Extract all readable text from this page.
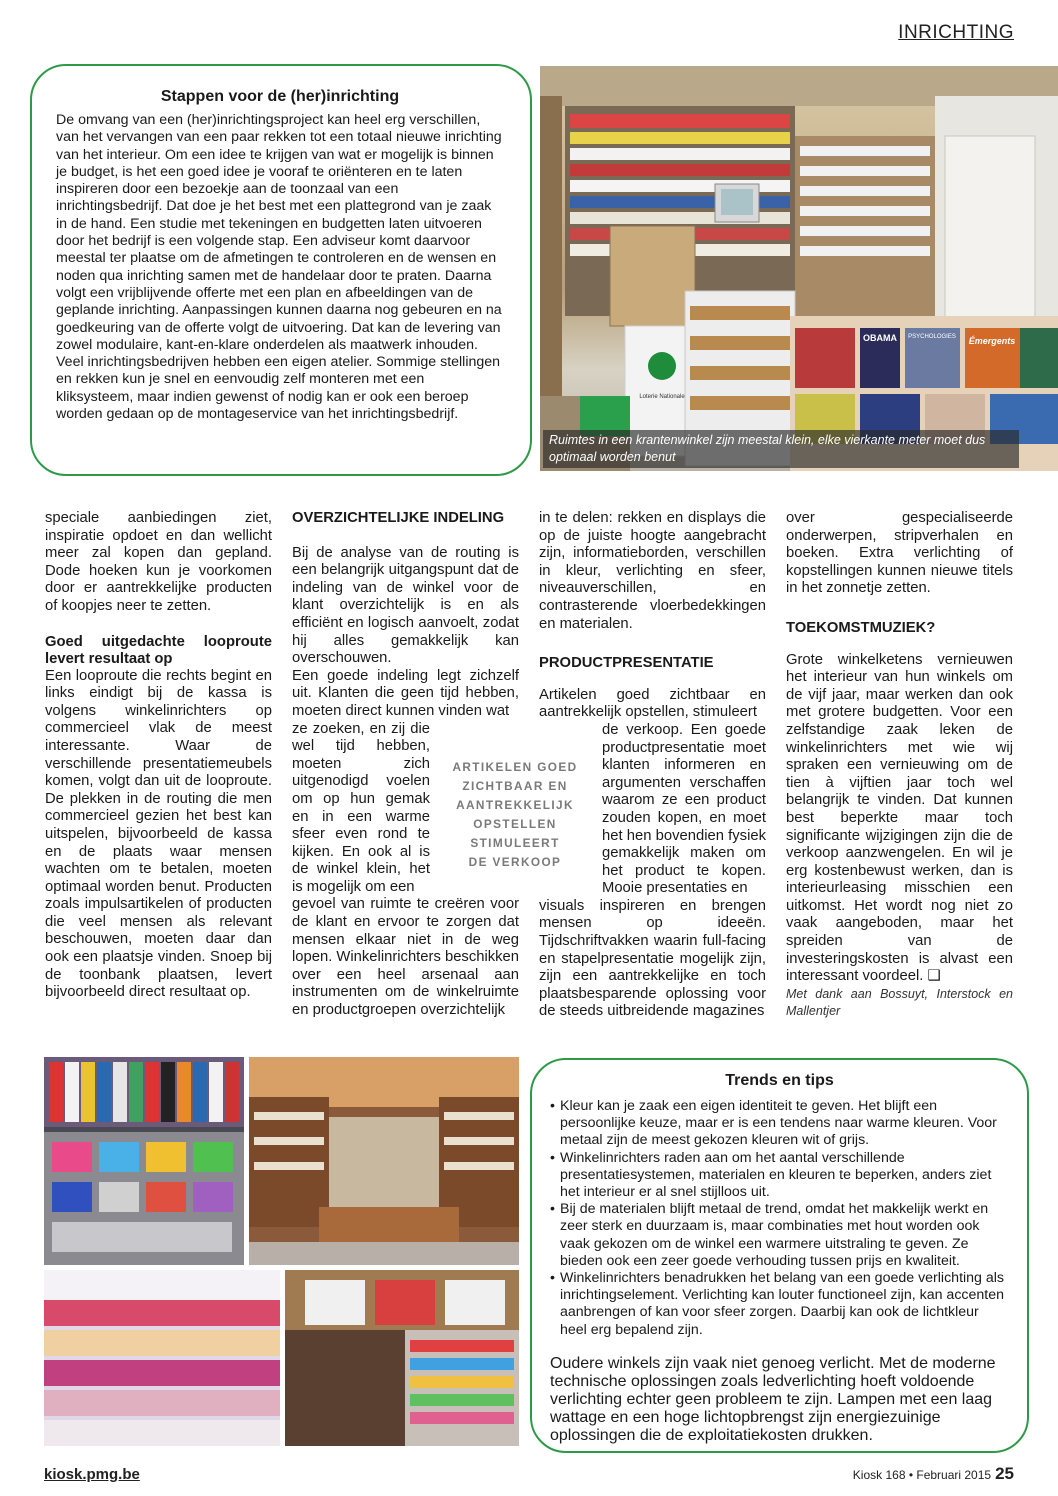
INRICHTING
Stappen voor de (her)inrichting

De omvang van een (her)inrichtingsproject kan heel erg verschillen, van het vervangen van een paar rekken tot een totaal nieuwe inrichting van het interieur. Om een idee te krijgen van wat er mogelijk is binnen je budget, is het een goed idee je vooraf te oriënteren en te laten inspireren door een bezoekje aan de toonzaal van een inrichtingsbedrijf. Dat doe je het best met een plattegrond van je zaak in de hand. Een studie met tekeningen en budgetten laten uitvoeren door het bedrijf is een volgende stap. Een adviseur komt daarvoor meestal ter plaatse om de afmetingen te controleren en de wensen en noden qua inrichting samen met de handelaar door te praten. Daarna volgt een vrijblijvende offerte met een plan en afbeeldingen van de geplande inrichting. Aanpassingen kunnen daarna nog gebeuren en na goedkeuring van de offerte volgt de uitvoering. Dat kan de levering van zowel modulaire, kant-en-klare onderdelen als maatwerk inhouden. Veel inrichtingsbedrijven hebben een eigen atelier. Sommige stellingen en rekken kun je snel en eenvoudig zelf monteren met een kliksysteem, maar indien gewenst of nodig kan er ook een beroep worden gedaan op de montageservice van het inrichtingsbedrijf.

Loterie Nationale
OBAMA PSYCHOLOGIES Émergents
Ruimtes in een krantenwinkel zijn meestal klein, elke vierkante meter moet dus optimaal worden benut

speciale aanbiedingen ziet, inspiratie opdoet en dan wellicht meer zal kopen dan gepland. Dode hoeken kun je voorkomen door er aantrekkelijke producten of koopjes neer te zetten.

Goed uitgedachte looproute levert resultaat op

Een looproute die rechts begint en links eindigt bij de kassa is volgens winkelinrichters op commercieel vlak de meest interessante. Waar de verschillende presentatiemeubels komen, volgt dan uit de looproute. De plekken in de routing die men commercieel gezien het best kan uitspelen, bijvoorbeeld de kassa en de plaats waar mensen wachten om te betalen, moeten optimaal worden benut. Producten zoals impulsartikelen of producten die veel mensen als relevant beschouwen, moeten daar dan ook een plaatsje vinden. Snoep bij de toonbank plaatsen, levert bijvoorbeeld direct resultaat op.

OVERZICHTELIJKE INDELING

Bij de analyse van de routing is een belangrijk uitgangspunt dat de indeling van de winkel voor de klant overzichtelijk is en als efficiënt en logisch aanvoelt, zodat hij alles gemakkelijk kan overschouwen.

Een goede indeling legt zichzelf uit. Klanten die geen tijd hebben, moeten direct kunnen vinden wat

ze zoeken, en zij die wel tijd hebben, moeten zich uitgenodigd voelen om op hun gemak en in een warme sfeer even rond te kijken. En ook al is de winkel klein, het is mogelijk om een

gevoel van ruimte te creëren voor de klant en ervoor te zorgen dat mensen elkaar niet in de weg lopen. Winkelinrichters beschikken over een heel arsenaal aan instrumenten om de winkelruimte en productgroepen overzichtelijk

ARTIKELEN GOED
ZICHTBAAR EN
AANTREKKELIJK
OPSTELLEN
STIMULEERT
DE VERKOOP

in te delen: rekken en displays die op de juiste hoogte aangebracht zijn, informatieborden, verschillen in kleur, verlichting en sfeer, niveauverschillen, en contrasterende vloerbedekkingen en materialen.

PRODUCTPRESENTATIE

Artikelen goed zichtbaar en aantrekkelijk opstellen, stimuleert

de verkoop. Een goede productpresentatie moet klanten informeren en argumenten verschaffen waarom ze een product zouden kopen, en moet het hen bovendien fysiek gemakkelijk maken om het product te kopen. Mooie presentaties en

visuals inspireren en brengen mensen op ideeën. Tijdschriftvakken waarin full-facing en stapelpresentatie mogelijk zijn, zijn een aantrekkelijke en toch plaatsbesparende oplossing voor de steeds uitbreidende magazines

over gespecialiseerde onderwerpen, stripverhalen en boeken. Extra verlichting of kopstellingen kunnen nieuwe titels in het zonnetje zetten.

TOEKOMSTMUZIEK?

Grote winkelketens vernieuwen het interieur van hun winkels om de vijf jaar, maar werken dan ook met grotere budgetten. Voor een zelfstandige zaak leken de winkelinrichters met wie wij spraken een vernieuwing om de tien à vijftien jaar toch wel belangrijk te vinden. Dat kunnen best beperkte maar toch significante wijzigingen zijn die de verkoop aanzwengelen. En wil je erg kostenbewust werken, dan is interieurleasing misschien een uitkomst. Het wordt nog niet zo vaak aangeboden, maar het spreiden van de investeringskosten is alvast een interessant voordeel. ❑

Met dank aan Bossuyt, Interstock en Mallentjer

Trends en tips
• Kleur kan je zaak een eigen identiteit te geven. Het blijft een persoonlijke keuze, maar er is een tendens naar warme kleuren. Voor metaal zijn de meest gekozen kleuren wit of grijs.
• Winkelinrichters raden aan om het aantal verschillende presentatiesystemen, materialen en kleuren te beperken, anders ziet het interieur er al snel stijlloos uit.
• Bij de materialen blijft metaal de trend, omdat het makkelijk werkt en zeer sterk en duurzaam is, maar combinaties met hout worden ook vaak gekozen om de winkel een warmere uitstraling te geven. Ze bieden ook een zeer goede verhouding tussen prijs en kwaliteit.
• Winkelinrichters benadrukken het belang van een goede verlichting als inrichtingselement. Verlichting kan louter functioneel zijn, kan accenten aanbrengen of kan voor sfeer zorgen. Daarbij kan ook de lichtkleur heel erg bepalend zijn.

Oudere winkels zijn vaak niet genoeg verlicht. Met de moderne technische oplossingen zoals ledverlichting hoeft voldoende verlichting echter geen probleem te zijn. Lampen met een laag wattage en een hoge lichtopbrengst zijn energiezuinige oplossingen die de exploitatiekosten drukken.

kiosk.pmg.be	Kiosk 168 • Februari 2015 25
